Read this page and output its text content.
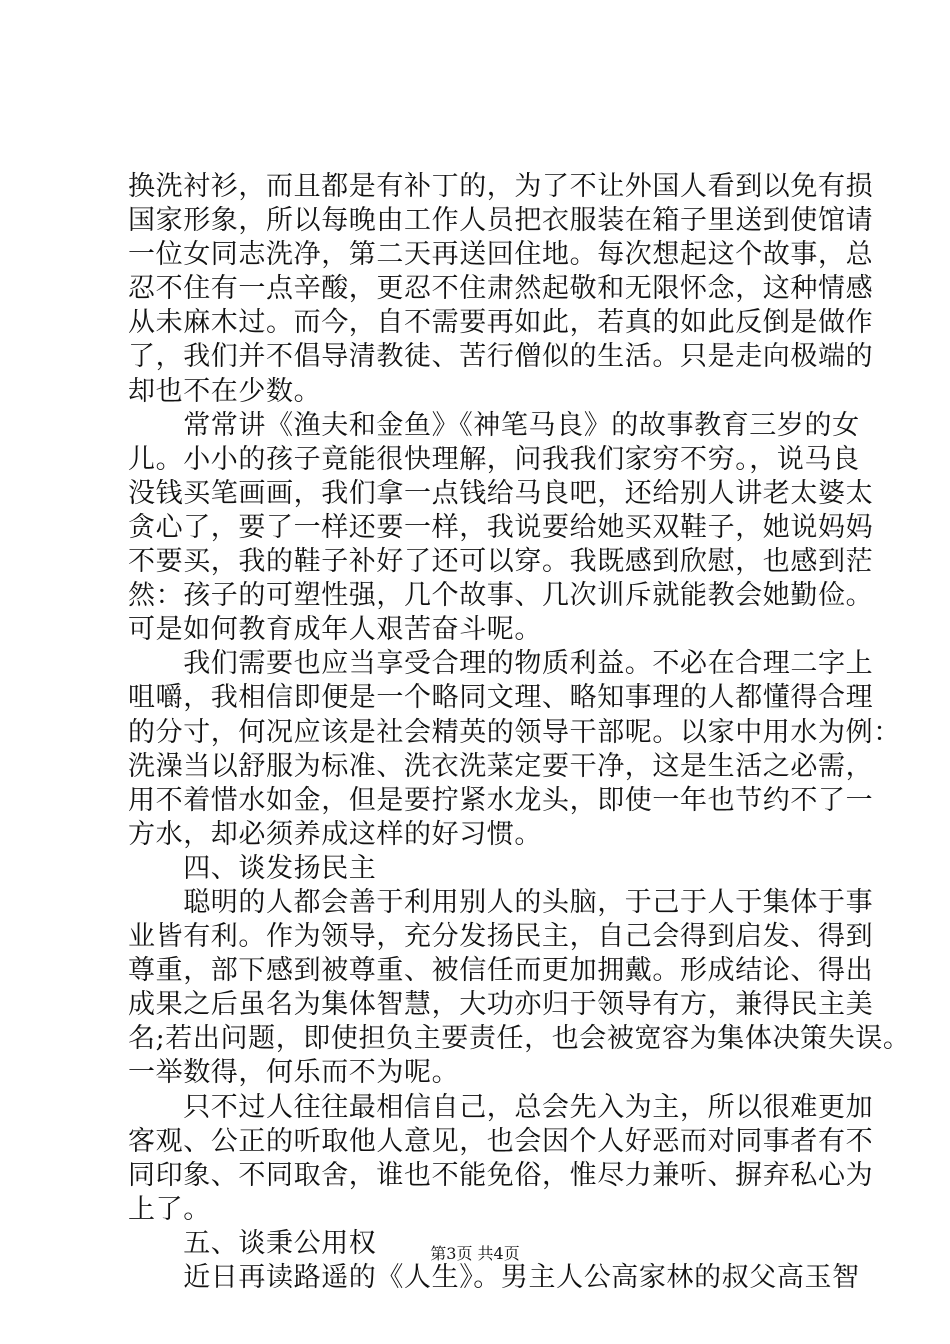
换洗衬衫，而且都是有补丁的，为了不让外国人看到以免有损
国家形象，所以每晚由工作人员把衣服装在箱子里送到使馆请
一位女同志洗净，第二天再送回住地。每次想起这个故事，总
忍不住有一点辛酸，更忍不住肃然起敬和无限怀念，这种情感
从未麻木过。而今，自不需要再如此，若真的如此反倒是做作
了，我们并不倡导清教徒、苦行僧似的生活。只是走向极端的
却也不在少数。
　　常常讲《渔夫和金鱼》《神笔马良》的故事教育三岁的女
儿。小小的孩子竟能很快理解，问我我们家穷不穷。，说马良
没钱买笔画画，我们拿一点钱给马良吧，还给别人讲老太婆太
贪心了，要了一样还要一样，我说要给她买双鞋子，她说妈妈
不要买，我的鞋子补好了还可以穿。我既感到欣慰，也感到茫
然：孩子的可塑性强，几个故事、几次训斥就能教会她勤俭。
可是如何教育成年人艰苦奋斗呢。
　　我们需要也应当享受合理的物质利益。不必在合理二字上
咀嚼，我相信即便是一个略同文理、略知事理的人都懂得合理
的分寸，何况应该是社会精英的领导干部呢。以家中用水为例：
洗澡当以舒服为标准、洗衣洗菜定要干净，这是生活之必需，
用不着惜水如金，但是要拧紧水龙头，即使一年也节约不了一
方水，却必须养成这样的好习惯。
　　四、谈发扬民主
　　聪明的人都会善于利用别人的头脑，于己于人于集体于事
业皆有利。作为领导，充分发扬民主，自己会得到启发、得到
尊重，部下感到被尊重、被信任而更加拥戴。形成结论、得出
成果之后虽名为集体智慧，大功亦归于领导有方，兼得民主美
名;若出问题，即使担负主要责任，也会被宽容为集体决策失误。
一举数得，何乐而不为呢。
　　只不过人往往最相信自己，总会先入为主，所以很难更加
客观、公正的听取他人意见，也会因个人好恶而对同事者有不
同印象、不同取舍，谁也不能免俗，惟尽力兼听、摒弃私心为
上了。
　　五、谈秉公用权
　　近日再读路遥的《人生》。男主人公高家林的叔父高玉智
第3页 共4页
